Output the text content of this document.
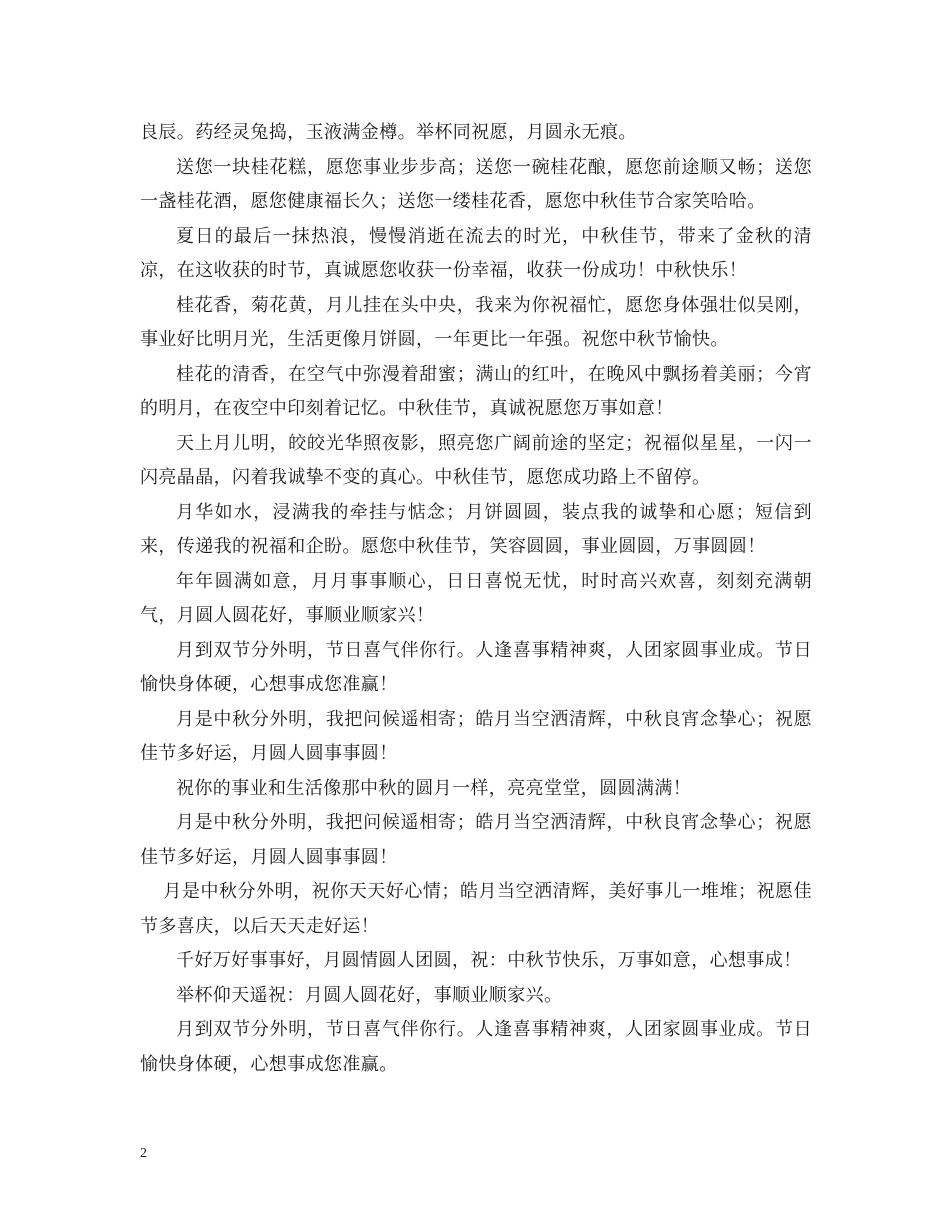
良辰。药经灵兔捣，玉液满金樽。举杯同祝愿，月圆永无痕。

送您一块桂花糕，愿您事业步步高；送您一碗桂花酿，愿您前途顺又畅；送您一盏桂花酒，愿您健康福长久；送您一缕桂花香，愿您中秋佳节合家笑哈哈。

夏日的最后一抹热浪，慢慢消逝在流去的时光，中秋佳节，带来了金秋的清凉，在这收获的时节，真诚愿您收获一份幸福，收获一份成功！中秋快乐！

桂花香，菊花黄，月儿挂在头中央，我来为你祝福忙，愿您身体强壮似吴刚，事业好比明月光，生活更像月饼圆，一年更比一年强。祝您中秋节愉快。

桂花的清香，在空气中弥漫着甜蜜；满山的红叶，在晚风中飘扬着美丽；今宵的明月，在夜空中印刻着记忆。中秋佳节，真诚祝愿您万事如意！

天上月儿明，皎皎光华照夜影，照亮您广阔前途的坚定；祝福似星星，一闪一闪亮晶晶，闪着我诚挚不变的真心。中秋佳节，愿您成功路上不留停。

月华如水，浸满我的牵挂与惦念；月饼圆圆，装点我的诚挚和心愿；短信到来，传递我的祝福和企盼。愿您中秋佳节，笑容圆圆，事业圆圆，万事圆圆！

年年圆满如意，月月事事顺心，日日喜悦无忧，时时高兴欢喜，刻刻充满朝气，月圆人圆花好，事顺业顺家兴！

月到双节分外明，节日喜气伴你行。人逢喜事精神爽，人团家圆事业成。节日愉快身体硬，心想事成您准赢！

月是中秋分外明，我把问候遥相寄；皓月当空洒清辉，中秋良宵念挚心；祝愿佳节多好运，月圆人圆事事圆！

祝你的事业和生活像那中秋的圆月一样，亮亮堂堂，圆圆满满！

月是中秋分外明，我把问候遥相寄；皓月当空洒清辉，中秋良宵念挚心；祝愿佳节多好运，月圆人圆事事圆！

月是中秋分外明，祝你天天好心情；皓月当空洒清辉，美好事儿一堆堆；祝愿佳节多喜庆，以后天天走好运！

千好万好事事好，月圆情圆人团圆，祝：中秋节快乐，万事如意，心想事成！

举杯仰天遥祝：月圆人圆花好，事顺业顺家兴。

月到双节分外明，节日喜气伴你行。人逢喜事精神爽，人团家圆事业成。节日愉快身体硬，心想事成您准赢。

2
